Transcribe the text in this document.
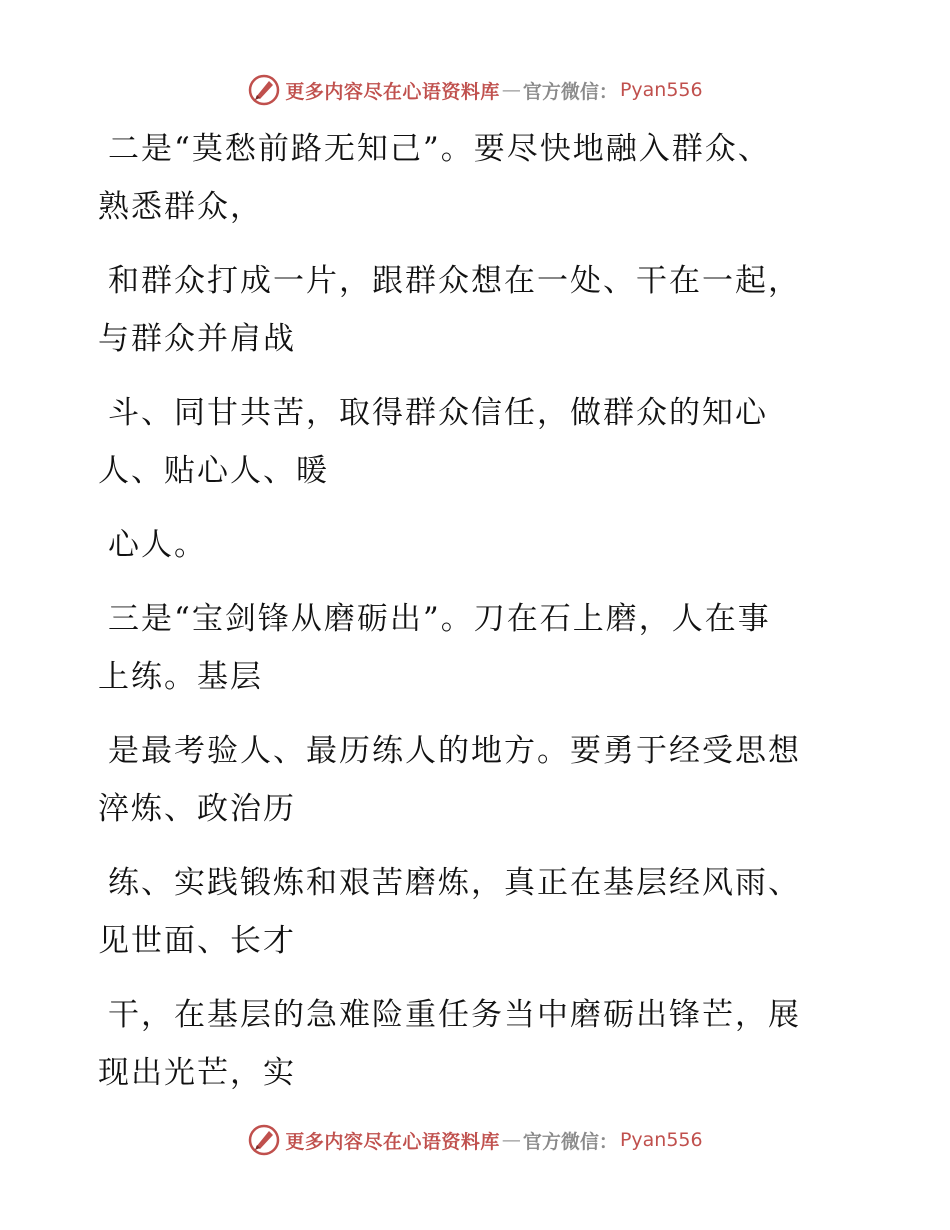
更多内容尽在心语资料库 — 官方微信： Pyan556
二是“莫愁前路无知己”。要尽快地融入群众、
熟悉群众，
和群众打成一片，跟群众想在一处、干在一起，
与群众并肩战
斗、同甘共苦，取得群众信任，做群众的知心
人、贴心人、暖
心人。
三是“宝剑锋从磨砺出”。刀在石上磨，人在事
上练。基层
是最考验人、最历练人的地方。要勇于经受思想
淬炼、政治历
练、实践锻炼和艰苦磨炼，真正在基层经风雨、
见世面、长才
干，在基层的急难险重任务当中磨砺出锋芒，展
现出光芒，实
更多内容尽在心语资料库 — 官方微信： Pyan556
